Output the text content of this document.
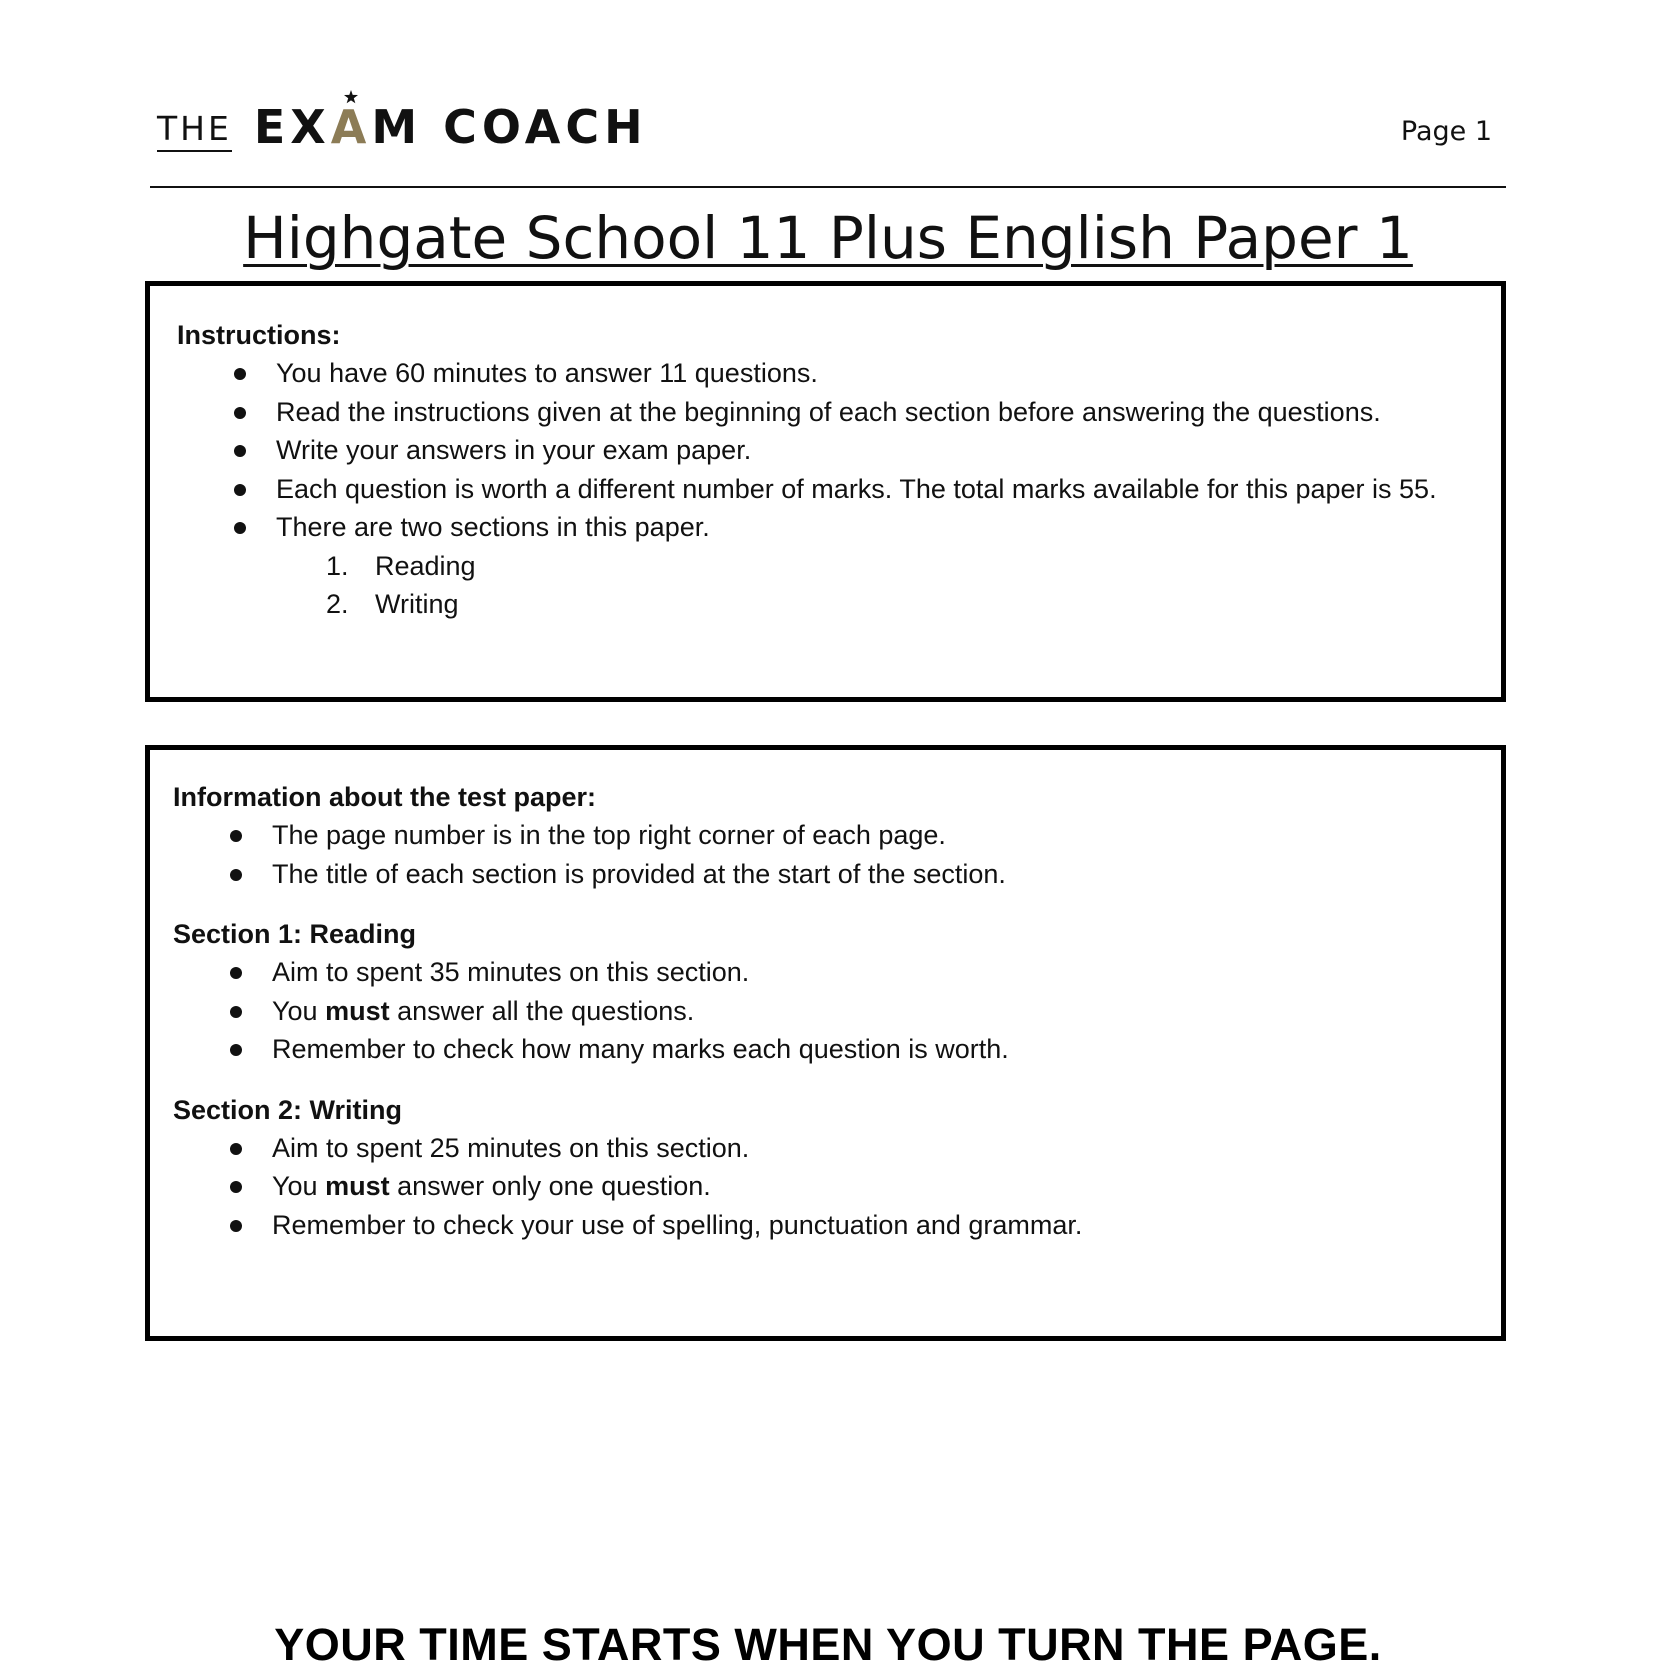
THE EX A M COACH	Page 1
Highgate School 11 Plus English Paper 1

Instructions:

You have 60 minutes to answer 11 questions.
Read the instructions given at the beginning of each section before answering the questions.
Write your answers in your exam paper.
Each question is worth a different number of marks. The total marks available for this paper is 55.
There are two sections in this paper.
1. Reading
2. Writing

Information about the test paper:

The page number is in the top right corner of each page.
The title of each section is provided at the start of the section.

Section 1: Reading

Aim to spent 35 minutes on this section.
You must answer all the questions.
Remember to check how many marks each question is worth.

Section 2: Writing

Aim to spent 25 minutes on this section.
You must answer only one question.
Remember to check your use of spelling, punctuation and grammar.
YOUR TIME STARTS WHEN YOU TURN THE PAGE.
